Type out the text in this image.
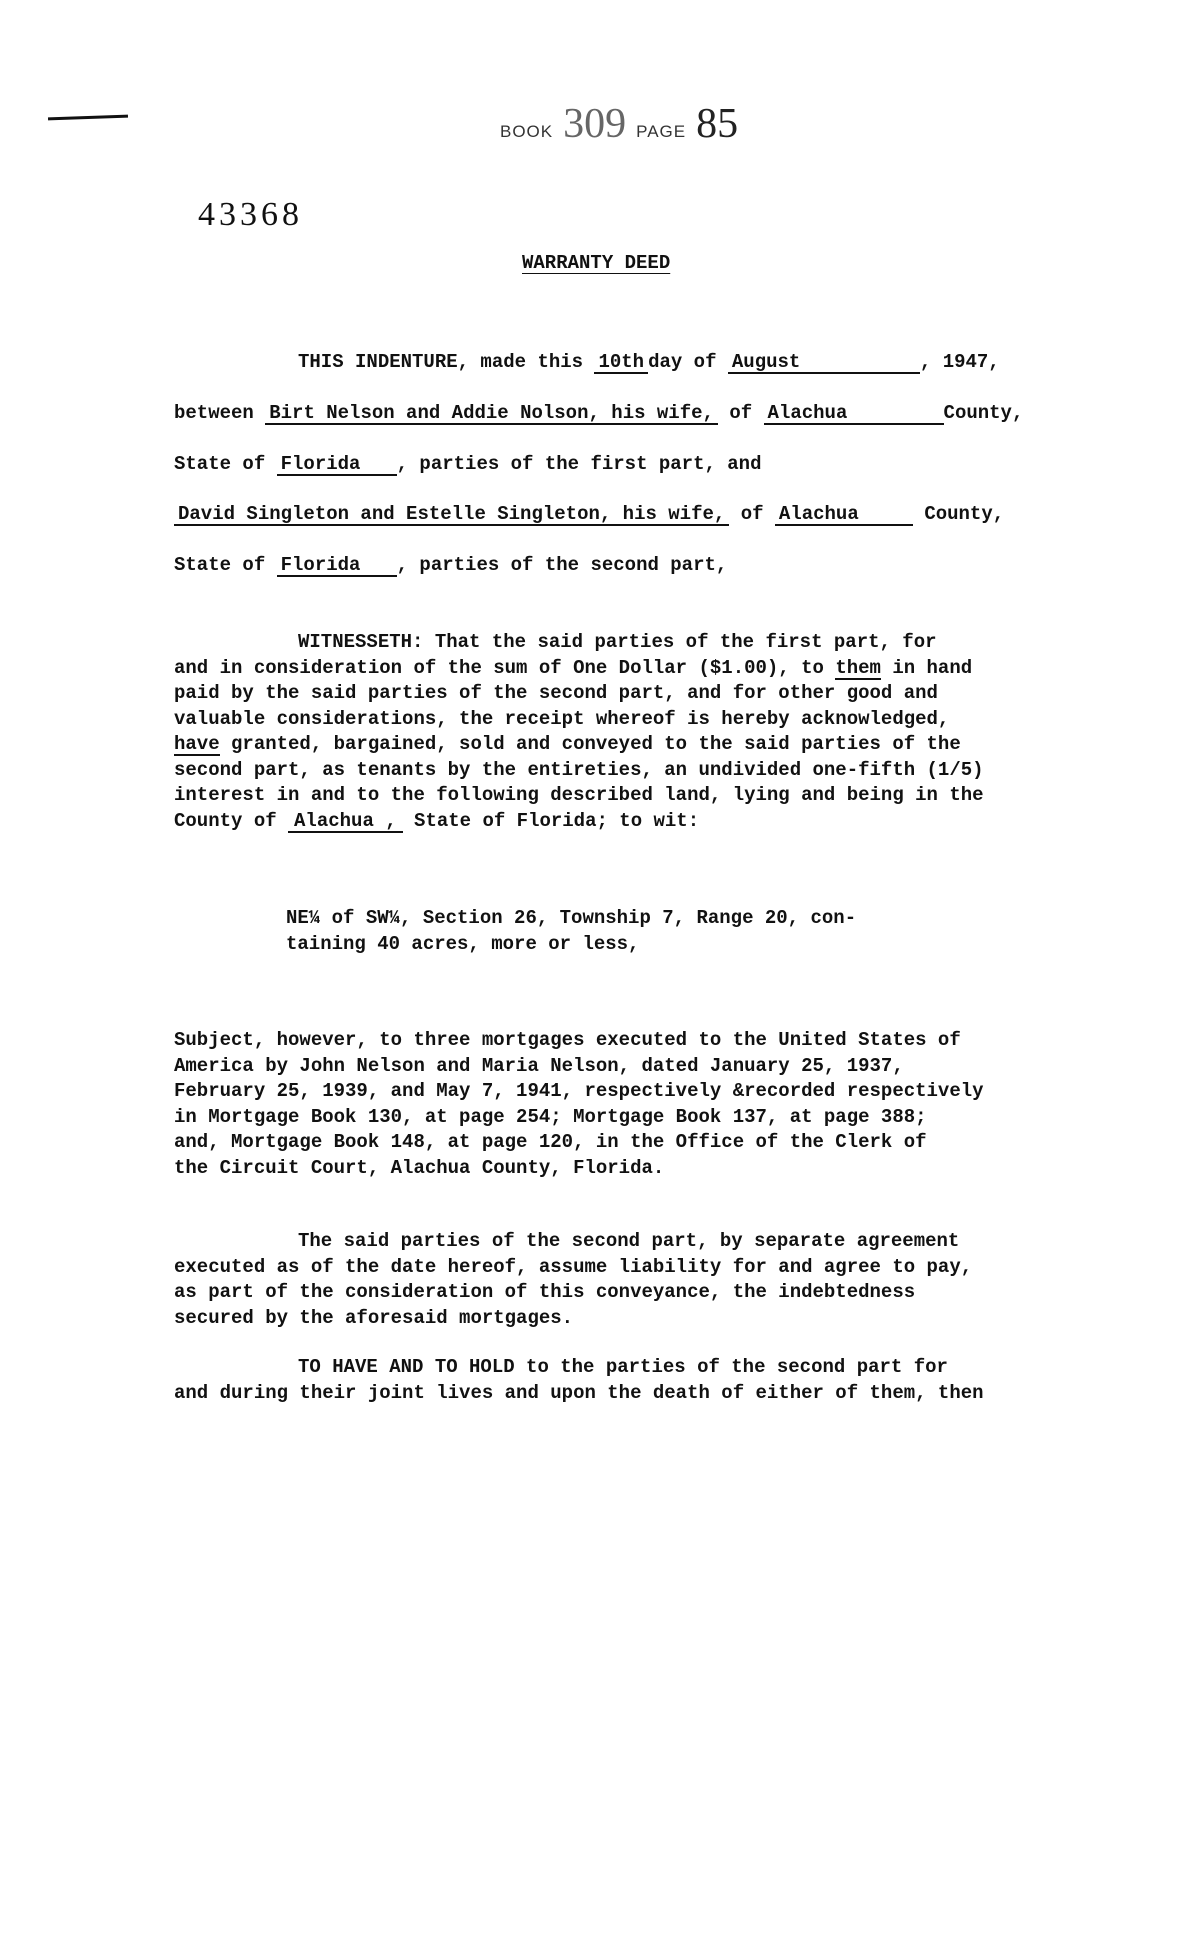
BOOK 309 PAGE 85
43368
WARRANTY DEED
THIS INDENTURE, made this 10th day of August	, 1947,
between Birt Nelson and Addie Nolson, his wife, of Alachua	County,
State of Florida , parties of the first part, and
David Singleton and Estelle Singleton, his wife, of Alachua	County,
State of Florida , parties of the second part,
WITNESSETH: That the said parties of the first part, for
and in consideration of the sum of One Dollar ($1.00), to them in hand
paid by the said parties of the second part, and for other good and
valuable considerations, the receipt whereof is hereby acknowledged,
have granted, bargained, sold and conveyed to the said parties of the
second part, as tenants by the entireties, an undivided one-fifth (1/5)
interest in and to the following described land, lying and being in the
County of Alachua , State of Florida; to wit:
NE¼ of SW¼, Section 26, Township 7, Range 20, con-
taining 40 acres, more or less,
Subject, however, to three mortgages executed to the United States of
America by John Nelson and Maria Nelson, dated January 25, 1937,
February 25, 1939, and May 7, 1941, respectively &recorded respectively
in Mortgage Book 130, at page 254; Mortgage Book 137, at page 388;
and, Mortgage Book 148, at page 120, in the Office of the Clerk of
the Circuit Court, Alachua County, Florida.
The said parties of the second part, by separate agreement
executed as of the date hereof, assume liability for and agree to pay,
as part of the consideration of this conveyance, the indebtedness
secured by the aforesaid mortgages.
TO HAVE AND TO HOLD to the parties of the second part for
and during their joint lives and upon the death of either of them, then
